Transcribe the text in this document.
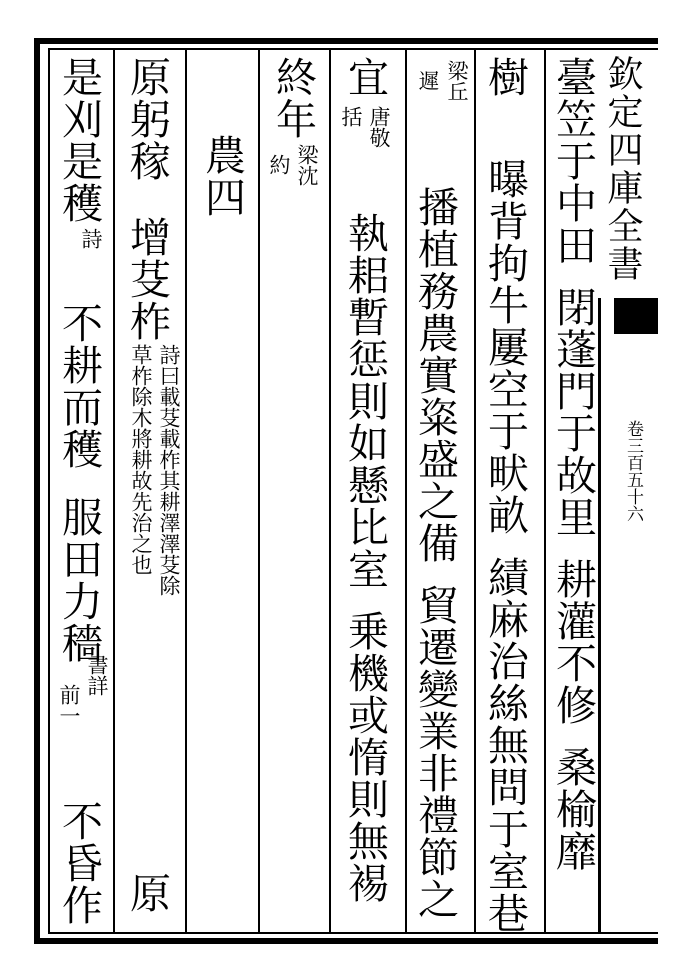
欽定四庫全書
卷三百五十六
臺笠于中田閉蓬門于故里耕灌不修桑榆靡
樹曝背拘牛屢空于畎畝績麻治絲無問于室巷
梁丘
遲
播植務農實粢盛之備貿遷變業非禮節之
宜
唐敬
括
執耜暫惩則如懸比室乗機或惰則無裼
終年
梁沈
約
農四
原躬稼
增芟柞
詩曰載芟載柞其耕澤澤芟除
草柞除木將耕故先治之也
原
是刈是穫
詩
不耕而穫
服田力穡
書詳
前一
不昏作
